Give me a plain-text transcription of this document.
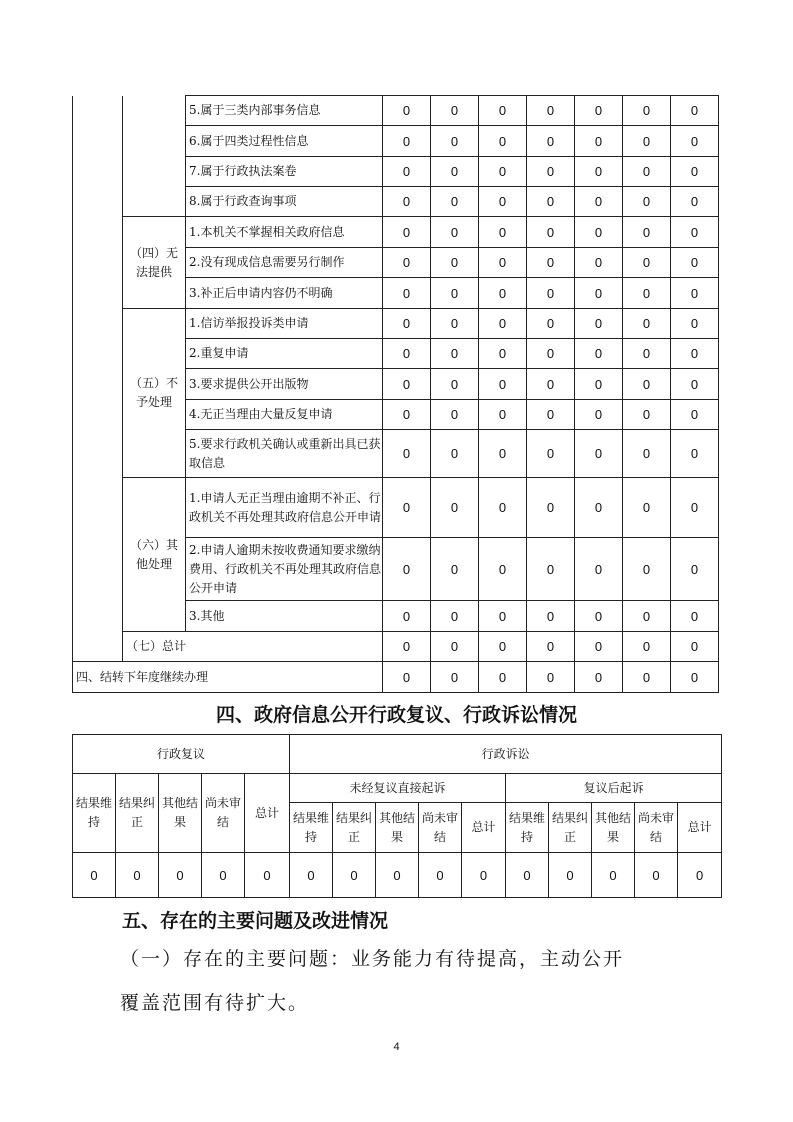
		5.属于三类内部事务信息	0	0	0	0	0	0	0
		6.属于四类过程性信息	0	0	0	0	0	0	0
		7.属于行政执法案卷	0	0	0	0	0	0	0
		8.属于行政查询事项	0	0	0	0	0	0	0
	（四）无法提供	1.本机关不掌握相关政府信息	0	0	0	0	0	0	0
		2.没有现成信息需要另行制作	0	0	0	0	0	0	0
		3.补正后申请内容仍不明确	0	0	0	0	0	0	0
	（五）不予处理	1.信访举报投诉类申请	0	0	0	0	0	0	0
		2.重复申请	0	0	0	0	0	0	0
		3.要求提供公开出版物	0	0	0	0	0	0	0
		4.无正当理由大量反复申请	0	0	0	0	0	0	0
		5.要求行政机关确认或重新出具已获取信息	0	0	0	0	0	0	0
	（六）其他处理	1.申请人无正当理由逾期不补正、行政机关不再处理其政府信息公开申请	0	0	0	0	0	0	0
		2.申请人逾期未按收费通知要求缴纳费用、行政机关不再处理其政府信息公开申请	0	0	0	0	0	0	0
		3.其他	0	0	0	0	0	0	0
	（七）总计		0	0	0	0	0	0	0
四、结转下年度继续办理			0	0	0	0	0	0	0
四、政府信息公开行政复议、行政诉讼情况
行政复议					行政诉讼									
结果维持	结果纠正	其他结果	尚未审结	总计	未经复议直接起诉					复议后起诉				
					结果维持	结果纠正	其他结果	尚未审结	总计	结果维持	结果纠正	其他结果	尚未审结	总计
0	0	0	0	0	0	0	0	0	0	0	0	0	0	0
五、存在的主要问题及改进情况

（一）存在的主要问题：业务能力有待提高，主动公开

覆盖范围有待扩大。

4
